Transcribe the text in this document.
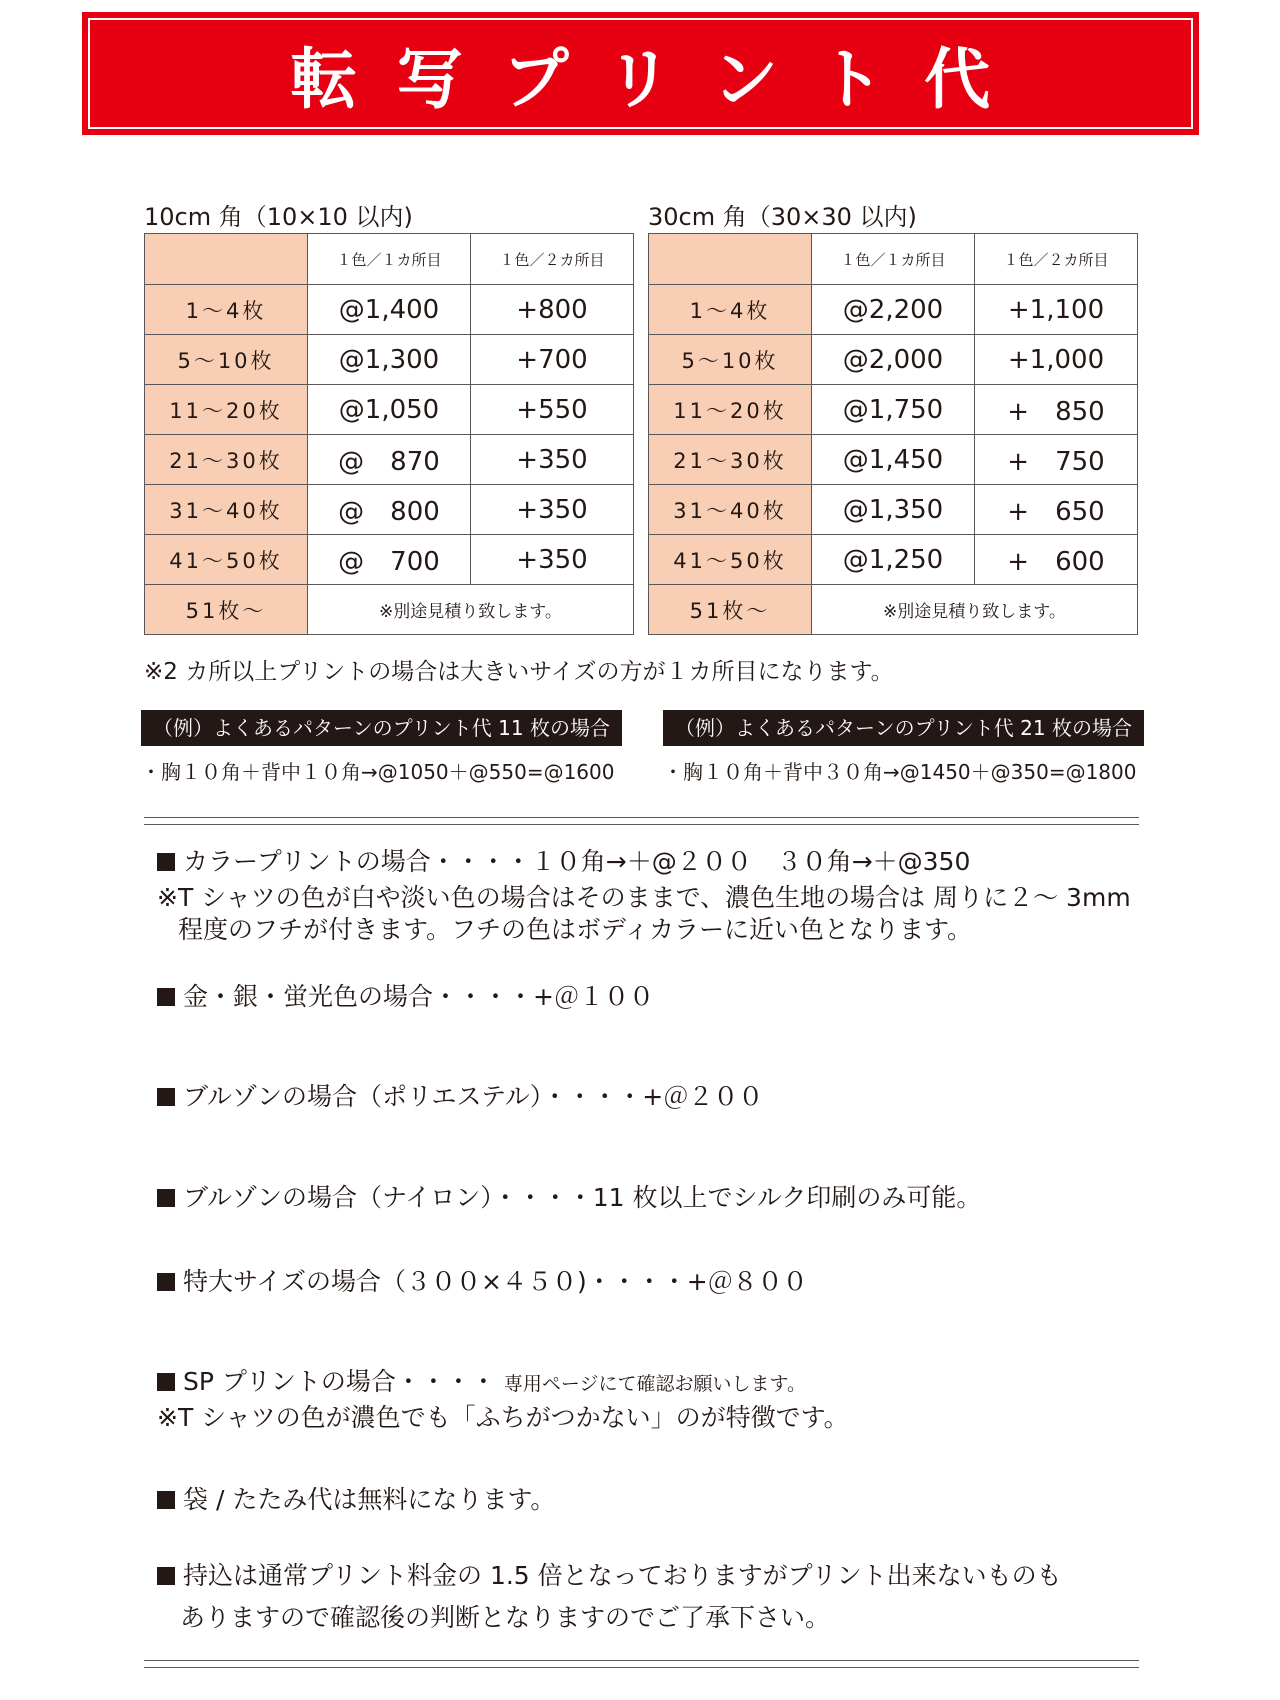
転写プリント代
10cm 角（10×10 以内)
	１色／１カ所目	１色／２カ所目
1～4枚	@1,400	+800
5～10枚	@1,300	+700
11～20枚	@1,050	+550
21～30枚	@　870	+350
31～40枚	@　800	+350
41～50枚	@　700	+350
51枚～	※別途見積り致します。	
30cm 角（30×30 以内)
	１色／１カ所目	１色／２カ所目
1～4枚	@2,200	+1,100
5～10枚	@2,000	+1,000
11～20枚	@1,750	+　850
21～30枚	@1,450	+　750
31～40枚	@1,350	+　650
41～50枚	@1,250	+　600
51枚～	※別途見積り致します。	
※2 カ所以上プリントの場合は大きいサイズの方が１カ所目になります。
（例）よくあるパターンのプリント代 11 枚の場合
・胸１０角＋背中１０角→@1050＋@550=@1600
（例）よくあるパターンのプリント代 21 枚の場合
・胸１０角＋背中３０角→@1450＋@350=@1800
カラープリントの場合・・・・１０角→＋@２００　３０角→＋@350
※T シャツの色が白や淡い色の場合はそのままで、濃色生地の場合は 周りに２～ 3mm
程度のフチが付きます。フチの色はボディカラーに近い色となります。
金・銀・蛍光色の場合・・・・+＠１００
ブルゾンの場合（ポリエステル）・・・・+＠２００
ブルゾンの場合（ナイロン）・・・・11 枚以上でシルク印刷のみ可能。
特大サイズの場合（３００×４５０)・・・・+＠８００
SP プリントの場合・・・・ 専用ページにて確認お願いします。
※T シャツの色が濃色でも「ふちがつかない」のが特徴です。
袋 / たたみ代は無料になります。
持込は通常プリント料金の 1.5 倍となっておりますがプリント出来ないものも
ありますので確認後の判断となりますのでご了承下さい。
